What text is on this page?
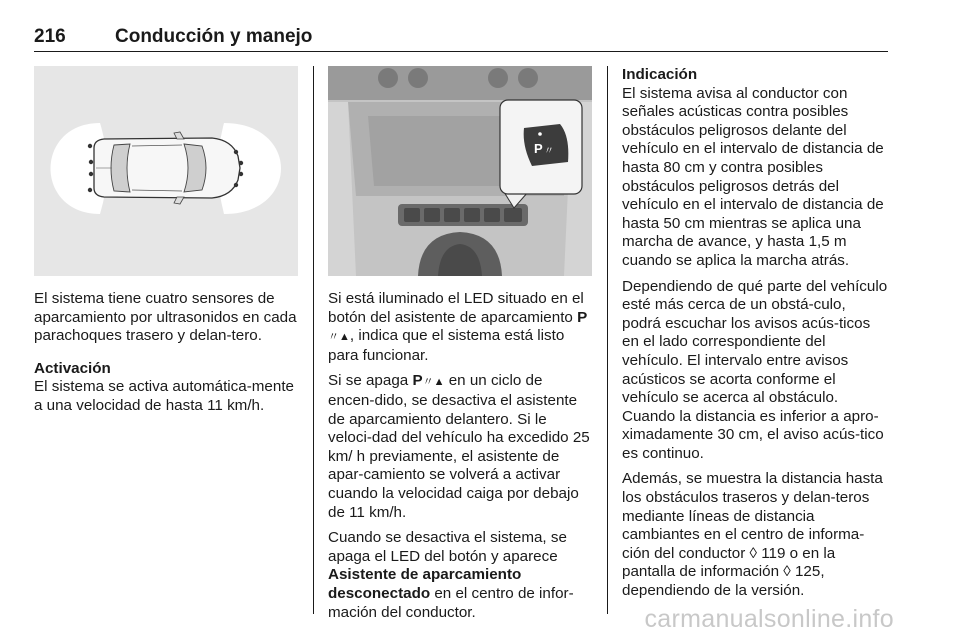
216	Conducción y manejo

El sistema tiene cuatro sensores de aparcamiento por ultrasonidos en cada parachoques trasero y delan-tero.

Activación

El sistema se activa automática-mente a una velocidad de hasta 11 km/h.

P 〃

Si está iluminado el LED situado en el botón del asistente de aparcamiento P〃▲, indica que el sistema está listo para funcionar.

Si se apaga P〃▲ en un ciclo de encen-dido, se desactiva el asistente de aparcamiento delantero. Si le veloci-dad del vehículo ha excedido 25 km/ h previamente, el asistente de apar-camiento se volverá a activar cuando la velocidad caiga por debajo de 11 km/h.

Cuando se desactiva el sistema, se apaga el LED del botón y aparece Asistente de aparcamiento desconectado en el centro de infor-mación del conductor.

Indicación

El sistema avisa al conductor con señales acústicas contra posibles obstáculos peligrosos delante del vehículo en el intervalo de distancia de hasta 80 cm y contra posibles obstáculos peligrosos detrás del vehículo en el intervalo de distancia de hasta 50 cm mientras se aplica una marcha de avance, y hasta 1,5 m cuando se aplica la marcha atrás.

Dependiendo de qué parte del vehículo esté más cerca de un obstá-culo, podrá escuchar los avisos acús-ticos en el lado correspondiente del vehículo. El intervalo entre avisos acústicos se acorta conforme el vehículo se acerca al obstáculo. Cuando la distancia es inferior a apro-ximadamente 30 cm, el aviso acús-tico es continuo.

Además, se muestra la distancia hasta los obstáculos traseros y delan-teros mediante líneas de distancia cambiantes en el centro de informa-ción del conductor ◊ 119 o en la pantalla de información ◊ 125, dependiendo de la versión.

carmanualsonline.info
